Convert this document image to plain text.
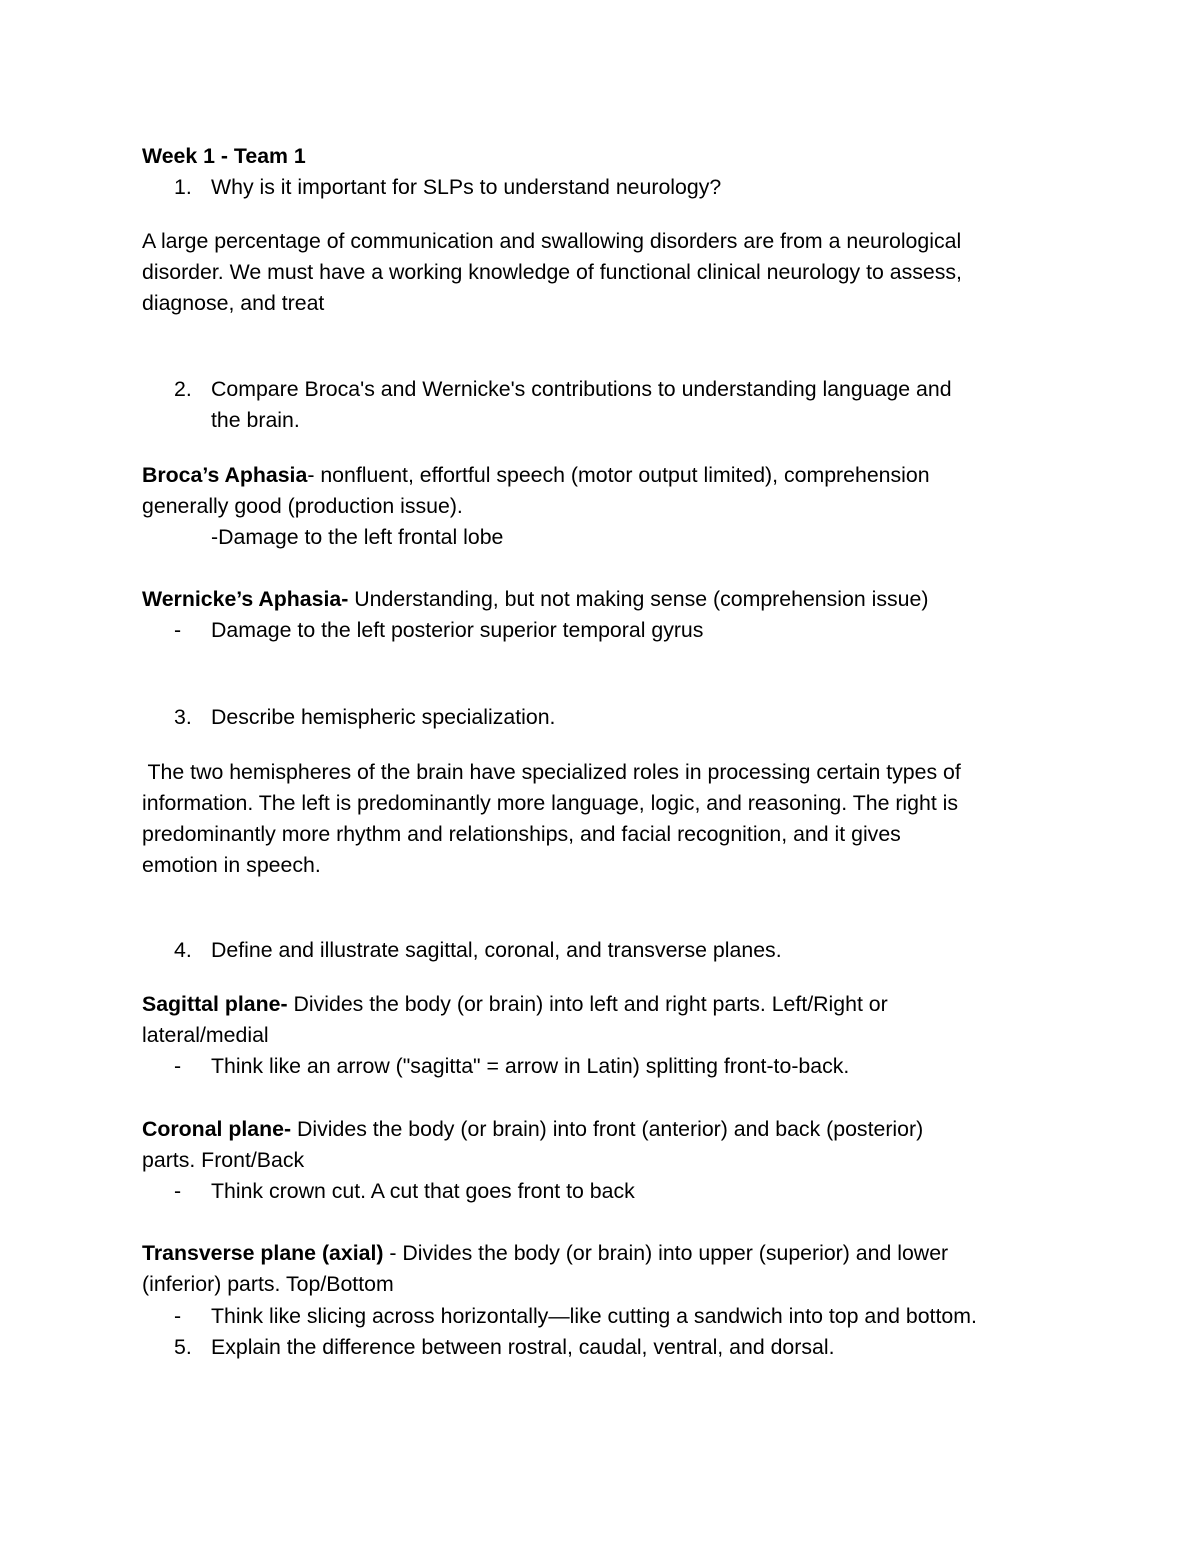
Week 1 - Team 1
1. Why is it important for SLPs to understand neurology?
A large percentage of communication and swallowing disorders are from a neurological
disorder. We must have a working knowledge of functional clinical neurology to assess,
diagnose, and treat
2. Compare Broca's and Wernicke's contributions to understanding language and
the brain.
Broca’s Aphasia- nonfluent, effortful speech (motor output limited), comprehension
generally good (production issue).
-Damage to the left frontal lobe
Wernicke’s Aphasia- Understanding, but not making sense (comprehension issue)
- Damage to the left posterior superior temporal gyrus
3. Describe hemispheric specialization.
The two hemispheres of the brain have specialized roles in processing certain types of
information. The left is predominantly more language, logic, and reasoning. The right is
predominantly more rhythm and relationships, and facial recognition, and it gives
emotion in speech.
4. Define and illustrate sagittal, coronal, and transverse planes.
Sagittal plane- Divides the body (or brain) into left and right parts. Left/Right or
lateral/medial
- Think like an arrow ("sagitta" = arrow in Latin) splitting front-to-back.
Coronal plane- Divides the body (or brain) into front (anterior) and back (posterior)
parts. Front/Back
- Think crown cut. A cut that goes front to back
Transverse plane (axial) - Divides the body (or brain) into upper (superior) and lower
(inferior) parts. Top/Bottom
- Think like slicing across horizontally—like cutting a sandwich into top and bottom.
5. Explain the difference between rostral, caudal, ventral, and dorsal.
